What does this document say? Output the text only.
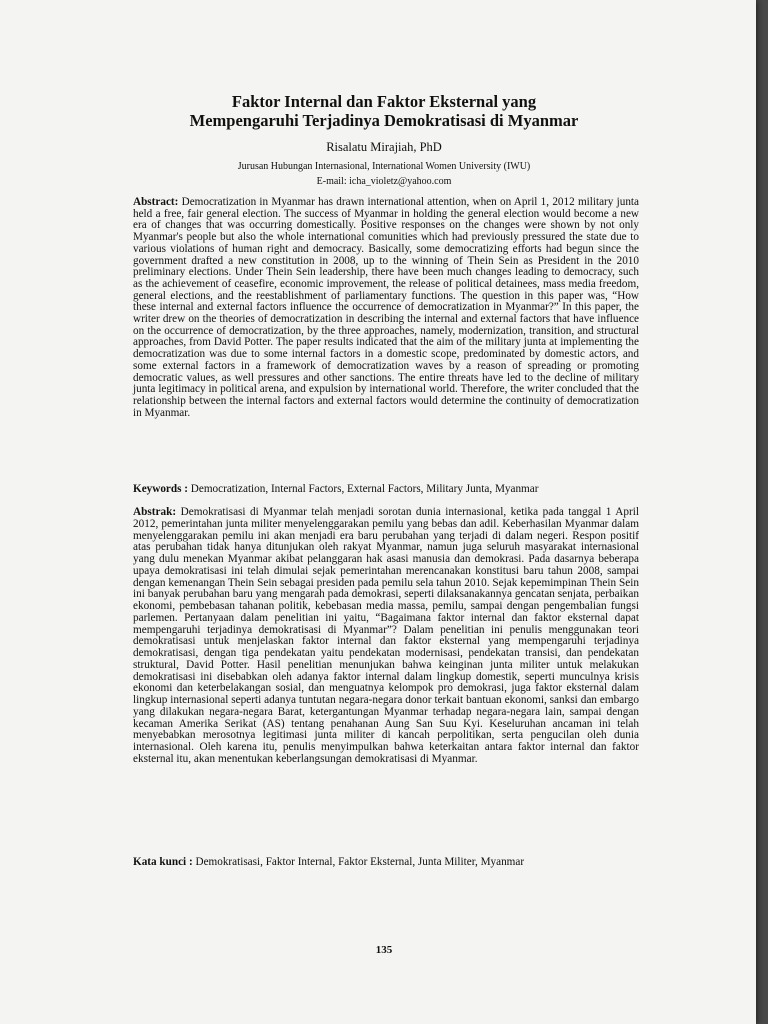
Faktor Internal dan Faktor Eksternal yang
Mempengaruhi Terjadinya Demokratisasi di Myanmar
Risalatu Mirajiah, PhD
Jurusan Hubungan Internasional, International Women University (IWU)
E-mail: icha_violetz@yahoo.com

Abstract: Democratization in Myanmar has drawn international attention, when on April 1, 2012 military junta held a free, fair general election. The success of Myanmar in holding the general election would become a new era of changes that was occurring domestically. Positive responses on the changes were shown by not only Myanmar's people but also the whole international comunities which had previously pressured the state due to various violations of human right and democracy. Basically, some democratizing efforts had begun since the government drafted a new constitution in 2008, up to the winning of Thein Sein as President in the 2010 preliminary elections. Under Thein Sein leadership, there have been much changes leading to democracy, such as the achievement of ceasefire, economic improvement, the release of political detainees, mass media freedom, general elections, and the reestablishment of parliamentary functions. The question in this paper was, “How these internal and external factors influence the occurrence of democratization in Myanmar?” In this paper, the writer drew on the theories of democratization in describing the internal and external factors that have influence on the occurrence of democratization, by the three approaches, namely, modernization, transition, and structural approaches, from David Potter. The paper results indicated that the aim of the military junta at implementing the democratization was due to some internal factors in a domestic scope, predominated by domestic actors, and some external factors in a framework of democratization waves by a reason of spreading or promoting democratic values, as well pressures and other sanctions. The entire threats have led to the decline of military junta legitimacy in political arena, and expulsion by international world. Therefore, the writer concluded that the relationship between the internal factors and external factors would determine the continuity of democratization in Myanmar.

Keywords : Democratization, Internal Factors, External Factors, Military Junta, Myanmar

Abstrak: Demokratisasi di Myanmar telah menjadi sorotan dunia internasional, ketika pada tanggal 1 April 2012, pemerintahan junta militer menyelenggarakan pemilu yang bebas dan adil. Keberhasilan Myanmar dalam menyelenggarakan pemilu ini akan menjadi era baru perubahan yang terjadi di dalam negeri. Respon positif atas perubahan tidak hanya ditunjukan oleh rakyat Myanmar, namun juga seluruh masyarakat internasional yang dulu menekan Myanmar akibat pelanggaran hak asasi manusia dan demokrasi. Pada dasarnya beberapa upaya demokratisasi ini telah dimulai sejak pemerintahan merencanakan konstitusi baru tahun 2008, sampai dengan kemenangan Thein Sein sebagai presiden pada pemilu sela tahun 2010. Sejak kepemimpinan Thein Sein ini banyak perubahan baru yang mengarah pada demokrasi, seperti dilaksanakannya gencatan senjata, perbaikan ekonomi, pembebasan tahanan politik, kebebasan media massa, pemilu, sampai dengan pengembalian fungsi parlemen. Pertanyaan dalam penelitian ini yaitu, “Bagaimana faktor internal dan faktor eksternal dapat mempengaruhi terjadinya demokratisasi di Myanmar”? Dalam penelitian ini penulis menggunakan teori demokratisasi untuk menjelaskan faktor internal dan faktor eksternal yang mempengaruhi terjadinya demokratisasi, dengan tiga pendekatan yaitu pendekatan modernisasi, pendekatan transisi, dan pendekatan struktural, David Potter. Hasil penelitian menunjukan bahwa keinginan junta militer untuk melakukan demokratisasi ini disebabkan oleh adanya faktor internal dalam lingkup domestik, seperti munculnya krisis ekonomi dan keterbelakangan sosial, dan menguatnya kelompok pro demokrasi, juga faktor eksternal dalam lingkup internasional seperti adanya tuntutan negara-negara donor terkait bantuan ekonomi, sanksi dan embargo yang dilakukan negara-negara Barat, ketergantungan Myanmar terhadap negara-negara lain, sampai dengan kecaman Amerika Serikat (AS) tentang penahanan Aung San Suu Kyi. Keseluruhan ancaman ini telah menyebabkan merosotnya legitimasi junta militer di kancah perpolitikan, serta pengucilan oleh dunia internasional. Oleh karena itu, penulis menyimpulkan bahwa keterkaitan antara faktor internal dan faktor eksternal itu, akan menentukan keberlangsungan demokratisasi di Myanmar.

Kata kunci : Demokratisasi, Faktor Internal, Faktor Eksternal, Junta Militer, Myanmar

135
